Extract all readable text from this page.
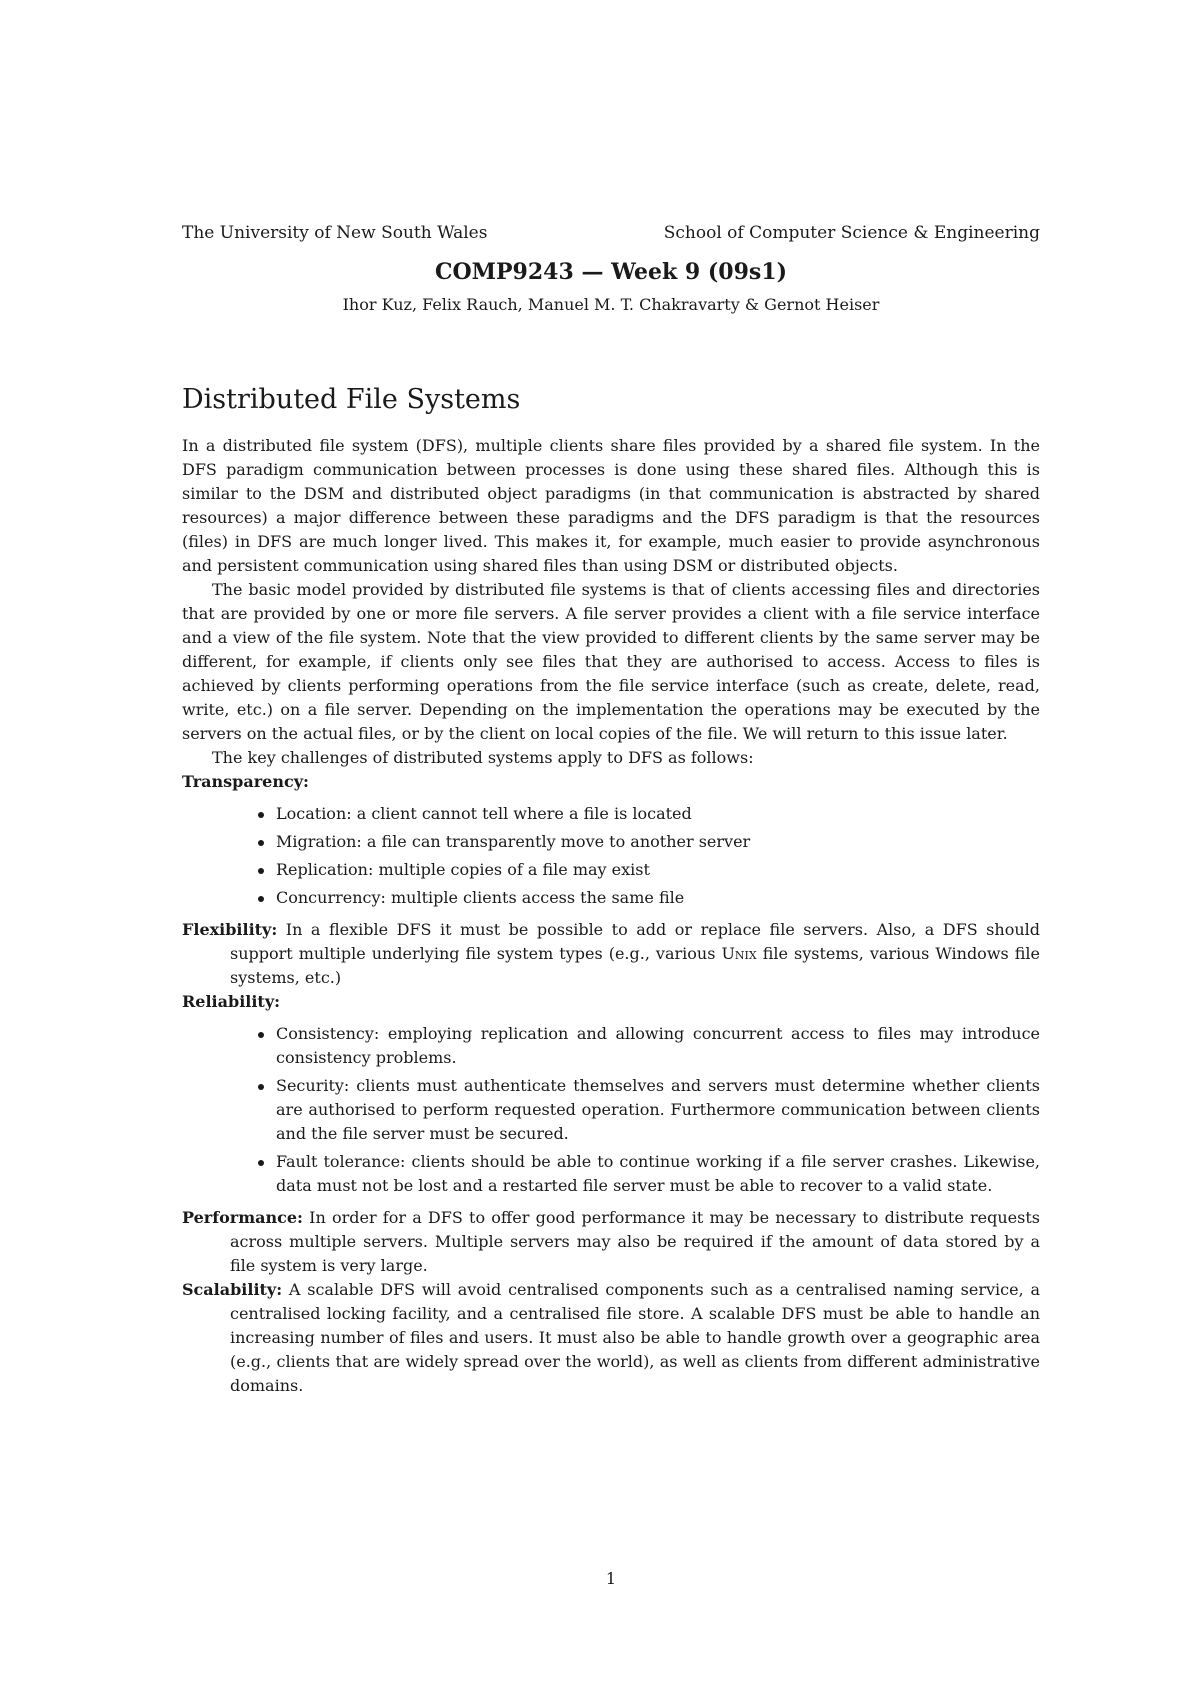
The University of New South Wales	School of Computer Science & Engineering
COMP9243 — Week 9 (09s1)
Ihor Kuz, Felix Rauch, Manuel M. T. Chakravarty & Gernot Heiser
Distributed File Systems

In a distributed file system (DFS), multiple clients share files provided by a shared file system. In the DFS paradigm communication between processes is done using these shared files. Although this is similar to the DSM and distributed object paradigms (in that communication is abstracted by shared resources) a major difference between these paradigms and the DFS paradigm is that the resources (files) in DFS are much longer lived. This makes it, for example, much easier to provide asynchronous and persistent communication using shared files than using DSM or distributed objects.

The basic model provided by distributed file systems is that of clients accessing files and directories that are provided by one or more file servers. A file server provides a client with a file service interface and a view of the file system. Note that the view provided to different clients by the same server may be different, for example, if clients only see files that they are authorised to access. Access to files is achieved by clients performing operations from the file service interface (such as create, delete, read, write, etc.) on a file server. Depending on the implementation the operations may be executed by the servers on the actual files, or by the client on local copies of the file. We will return to this issue later.

The key challenges of distributed systems apply to DFS as follows:

Transparency:

Location: a client cannot tell where a file is located
Migration: a file can transparently move to another server
Replication: multiple copies of a file may exist
Concurrency: multiple clients access the same file

Flexibility: In a flexible DFS it must be possible to add or replace file servers. Also, a DFS should support multiple underlying file system types (e.g., various Unix file systems, various Windows file systems, etc.)

Reliability:

Consistency: employing replication and allowing concurrent access to files may introduce consistency problems.
Security: clients must authenticate themselves and servers must determine whether clients are authorised to perform requested operation. Furthermore communication between clients and the file server must be secured.
Fault tolerance: clients should be able to continue working if a file server crashes. Likewise, data must not be lost and a restarted file server must be able to recover to a valid state.

Performance: In order for a DFS to offer good performance it may be necessary to distribute requests across multiple servers. Multiple servers may also be required if the amount of data stored by a file system is very large.

Scalability: A scalable DFS will avoid centralised components such as a centralised naming service, a centralised locking facility, and a centralised file store. A scalable DFS must be able to handle an increasing number of files and users. It must also be able to handle growth over a geographic area (e.g., clients that are widely spread over the world), as well as clients from different administrative domains.

1
